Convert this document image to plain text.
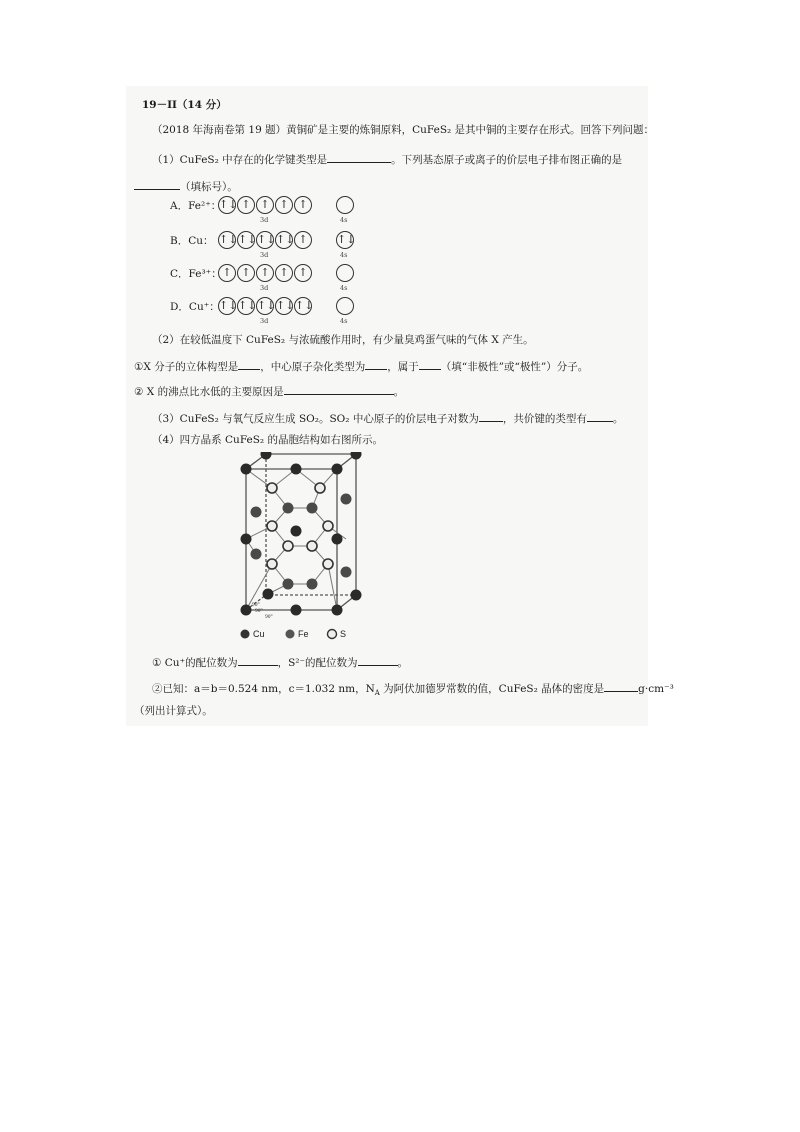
19－II（14 分）
（2018 年海南卷第 19 题）黄铜矿是主要的炼铜原料，CuFeS₂ 是其中铜的主要存在形式。回答下列问题：
（1）CuFeS₂ 中存在的化学键类型是	。下列基态原子或离子的价层电子排布图正确的是
（填标号）。
A．Fe²⁺：
↑↓ ↑ ↑ ↑ ↑
3d	4s
B．Cu： ↑↓ ↑↓ ↑↓ ↑↓ ↑
3d
↑↓
4s
C．Fe³⁺： ↑ ↑ ↑ ↑ ↑
3d	4s
D．Cu⁺： ↑↓ ↑↓ ↑↓ ↑↓ ↑↓
3d	4s
（2）在较低温度下 CuFeS₂ 与浓硫酸作用时，有少量臭鸡蛋气味的气体 X 产生。
①X 分子的立体构型是 ，中心原子杂化类型为 ，属于 （填“非极性”或“极性”）分子。
② X 的沸点比水低的主要原因是	。
（3）CuFeS₂ 与氧气反应生成 SO₂。SO₂ 中心原子的价层电子对数为 ，共价键的类型有 。
（4）四方晶系 CuFeS₂ 的晶胞结构如右图所示。
90°
90°
90°
Cu	Fe	S
① Cu⁺的配位数为	，S²⁻的配位数为	。
②已知：a＝b＝0.524 nm，c＝1.032 nm，$N_A$ 为阿伏加德罗常数的值，CuFeS₂ 晶体的密度是	g·cm⁻³
（列出计算式）。
